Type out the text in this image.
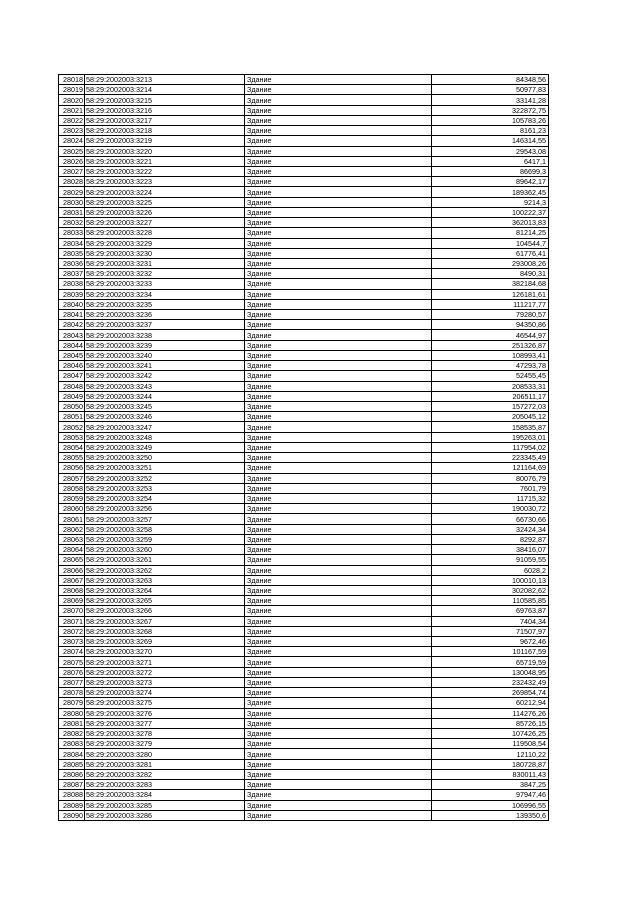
28018	58:29:2002003:3213	Здание	84348,56
28019	58:29:2002003:3214	Здание	50977,83
28020	58:29:2002003:3215	Здание	33141,28
28021	58:29:2002003:3216	Здание	322872,75
28022	58:29:2002003:3217	Здание	105783,26
28023	58:29:2002003:3218	Здание	8161,23
28024	58:29:2002003:3219	Здание	146314,55
28025	58:29:2002003:3220	Здание	29543,08
28026	58:29:2002003:3221	Здание	6417,1
28027	58:29:2002003:3222	Здание	86699,3
28028	58:29:2002003:3223	Здание	89642,17
28029	58:29:2002003:3224	Здание	189362,45
28030	58:29:2002003:3225	Здание	9214,3
28031	58:29:2002003:3226	Здание	100222,37
28032	58:29:2002003:3227	Здание	362013,83
28033	58:29:2002003:3228	Здание	81214,25
28034	58:29:2002003:3229	Здание	104544,7
28035	58:29:2002003:3230	Здание	61776,41
28036	58:29:2002003:3231	Здание	293008,26
28037	58:29:2002003:3232	Здание	8490,31
28038	58:29:2002003:3233	Здание	382184,68
28039	58:29:2002003:3234	Здание	126181,61
28040	58:29:2002003:3235	Здание	111217,77
28041	58:29:2002003:3236	Здание	79280,57
28042	58:29:2002003:3237	Здание	94350,86
28043	58:29:2002003:3238	Здание	46544,97
28044	58:29:2002003:3239	Здание	251326,87
28045	58:29:2002003:3240	Здание	108993,41
28046	58:29:2002003:3241	Здание	47293,78
28047	58:29:2002003:3242	Здание	52455,45
28048	58:29:2002003:3243	Здание	208533,31
28049	58:29:2002003:3244	Здание	206511,17
28050	58:29:2002003:3245	Здание	157272,03
28051	58:29:2002003:3246	Здание	205045,12
28052	58:29:2002003:3247	Здание	158535,87
28053	58:29:2002003:3248	Здание	195263,01
28054	58:29:2002003:3249	Здание	117954,02
28055	58:29:2002003:3250	Здание	223345,49
28056	58:29:2002003:3251	Здание	121164,69
28057	58:29:2002003:3252	Здание	80076,79
28058	58:29:2002003:3253	Здание	7601,79
28059	58:29:2002003:3254	Здание	11715,32
28060	58:29:2002003:3256	Здание	190030,72
28061	58:29:2002003:3257	Здание	66730,66
28062	58:29:2002003:3258	Здание	32424,34
28063	58:29:2002003:3259	Здание	8292,87
28064	58:29:2002003:3260	Здание	38416,07
28065	58:29:2002003:3261	Здание	91059,55
28066	58:29:2002003:3262	Здание	6028,2
28067	58:29:2002003:3263	Здание	100010,13
28068	58:29:2002003:3264	Здание	302082,62
28069	58:29:2002003:3265	Здание	110585,85
28070	58:29:2002003:3266	Здание	69763,87
28071	58:29:2002003:3267	Здание	7404,34
28072	58:29:2002003:3268	Здание	71507,97
28073	58:29:2002003:3269	Здание	9672,46
28074	58:29:2002003:3270	Здание	101167,59
28075	58:29:2002003:3271	Здание	65719,59
28076	58:29:2002003:3272	Здание	130048,95
28077	58:29:2002003:3273	Здание	232432,49
28078	58:29:2002003:3274	Здание	269854,74
28079	58:29:2002003:3275	Здание	60212,94
28080	58:29:2002003:3276	Здание	114276,26
28081	58:29:2002003:3277	Здание	85726,15
28082	58:29:2002003:3278	Здание	107426,25
28083	58:29:2002003:3279	Здание	119508,54
28084	58:29:2002003:3280	Здание	12110,22
28085	58:29:2002003:3281	Здание	180728,87
28086	58:29:2002003:3282	Здание	830011,43
28087	58:29:2002003:3283	Здание	3847,25
28088	58:29:2002003:3284	Здание	97947,46
28089	58:29:2002003:3285	Здание	106996,55
28090	58:29:2002003:3286	Здание	139350,6
